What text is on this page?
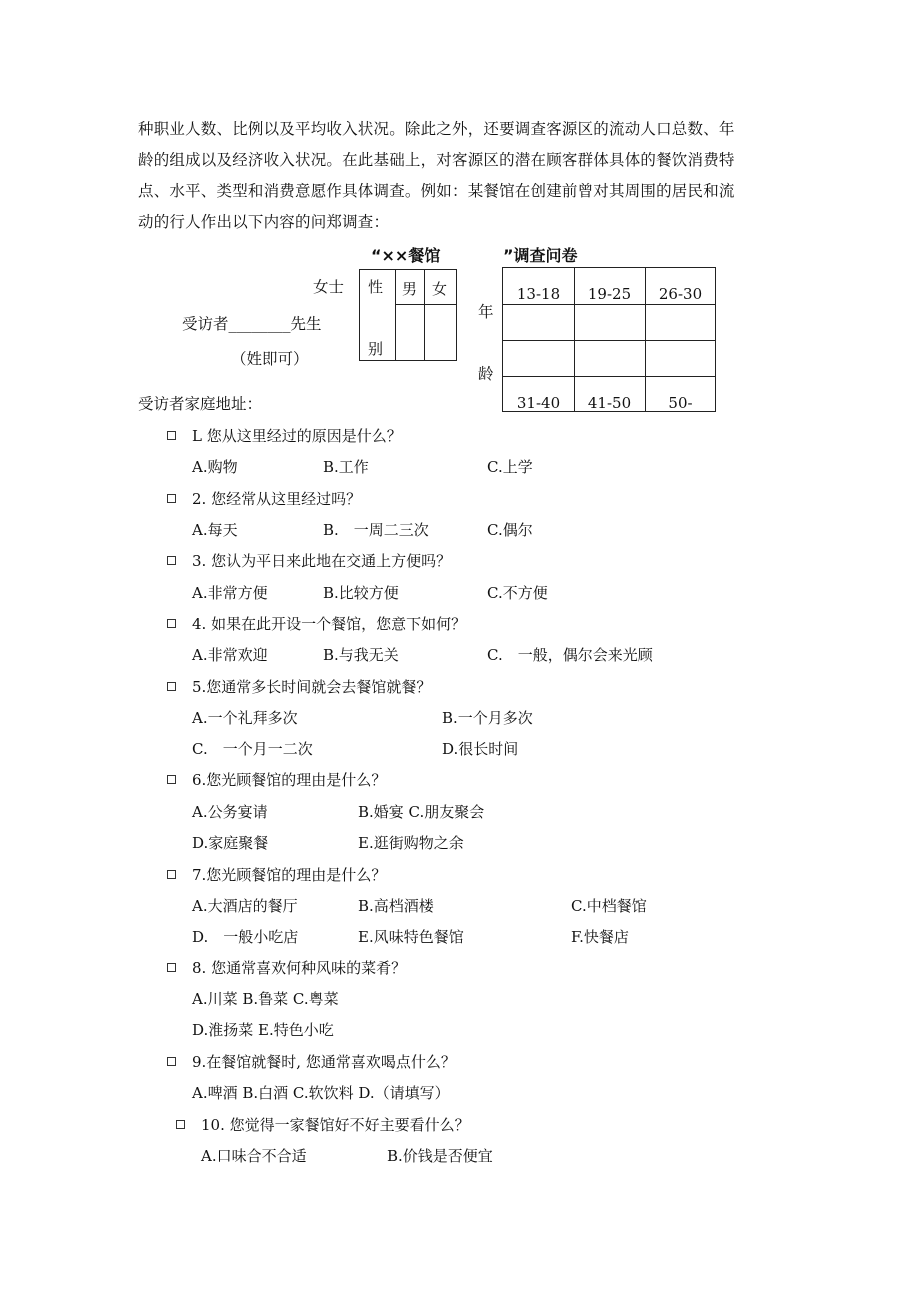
种职业人数、比例以及平均收入状况。除此之外，还要调查客源区的流动人口总数、年
龄的组成以及经济收入状况。在此基础上，对客源区的潜在顾客群体具体的餐饮消费特
点、水平、类型和消费意愿作具体调查。例如：某餐馆在创建前曾对其周围的居民和流
动的行人作出以下内容的问郑调查：
“××餐馆	”调查问卷
女士
受访者________先生
（姓即可）
受访者家庭地址：
性
别
男 女
年
龄
13-18	19-25	26-30
31-40	41-50	50-
L 您从这里经过的原因是什么？
A.购物	B.工作	C.上学
2. 您经常从这里经过吗？
A.每天	B.　一周二三次	C.偶尔
3. 您认为平日来此地在交通上方便吗？
A.非常方便	B.比较方便	C.不方便
4. 如果在此开设一个餐馆，您意下如何？
A.非常欢迎	B.与我无关	C.　一般，偶尔会来光顾
5.您通常多长时间就会去餐馆就餐？
A.一个礼拜多次	B.一个月多次
C.　一个月一二次	D.很长时间
6.您光顾餐馆的理由是什么？
A.公务宴请	B.婚宴 C.朋友聚会
D.家庭聚餐	E.逛街购物之余
7.您光顾餐馆的理由是什么？
A.大酒店的餐厅	B.高档酒楼	C.中档餐馆
D.　一般小吃店	E.风味特色餐馆	F.快餐店
8. 您通常喜欢何种风味的菜肴？
A.川菜 B.鲁菜 C.粤菜
D.淮扬菜 E.特色小吃
9.在餐馆就餐时, 您通常喜欢喝点什么？
A.啤酒 B.白酒 C.软饮料 D.（请填写）
10. 您觉得一家餐馆好不好主要看什么？
A.口味合不合适	B.价钱是否便宜
